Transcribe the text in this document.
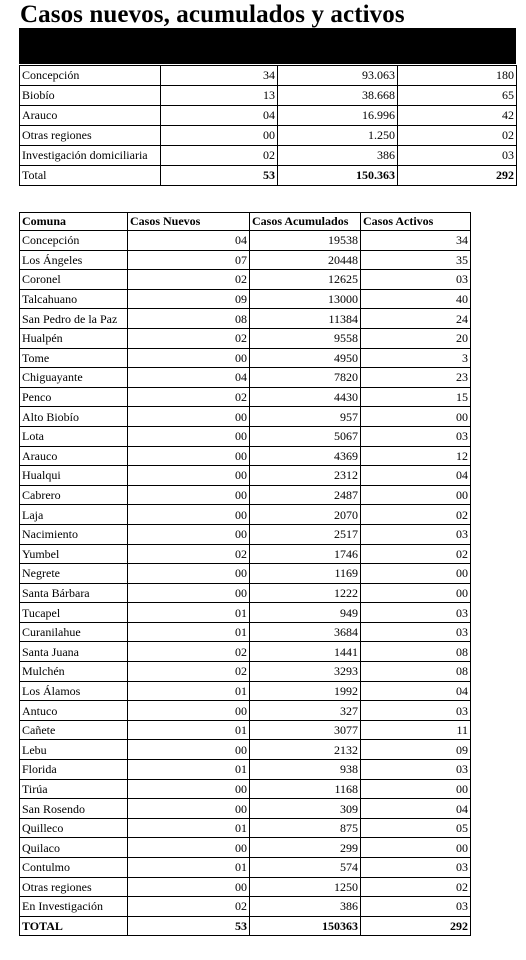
Casos nuevos, acumulados y activos
Concepción	34	93.063	180
Biobío	13	38.668	65
Arauco	04	16.996	42
Otras regiones	00	1.250	02
Investigación domiciliaria	02	386	03
Total	53	150.363	292
Comuna	Casos Nuevos	Casos Acumulados	Casos Activos
Concepción	04	19538	34
Los Ángeles	07	20448	35
Coronel	02	12625	03
Talcahuano	09	13000	40
San Pedro de la Paz	08	11384	24
Hualpén	02	9558	20
Tome	00	4950	3
Chiguayante	04	7820	23
Penco	02	4430	15
Alto Biobío	00	957	00
Lota	00	5067	03
Arauco	00	4369	12
Hualqui	00	2312	04
Cabrero	00	2487	00
Laja	00	2070	02
Nacimiento	00	2517	03
Yumbel	02	1746	02
Negrete	00	1169	00
Santa Bárbara	00	1222	00
Tucapel	01	949	03
Curanilahue	01	3684	03
Santa Juana	02	1441	08
Mulchén	02	3293	08
Los Álamos	01	1992	04
Antuco	00	327	03
Cañete	01	3077	11
Lebu	00	2132	09
Florida	01	938	03
Tirúa	00	1168	00
San Rosendo	00	309	04
Quilleco	01	875	05
Quilaco	00	299	00
Contulmo	01	574	03
Otras regiones	00	1250	02
En Investigación	02	386	03
TOTAL	53	150363	292
